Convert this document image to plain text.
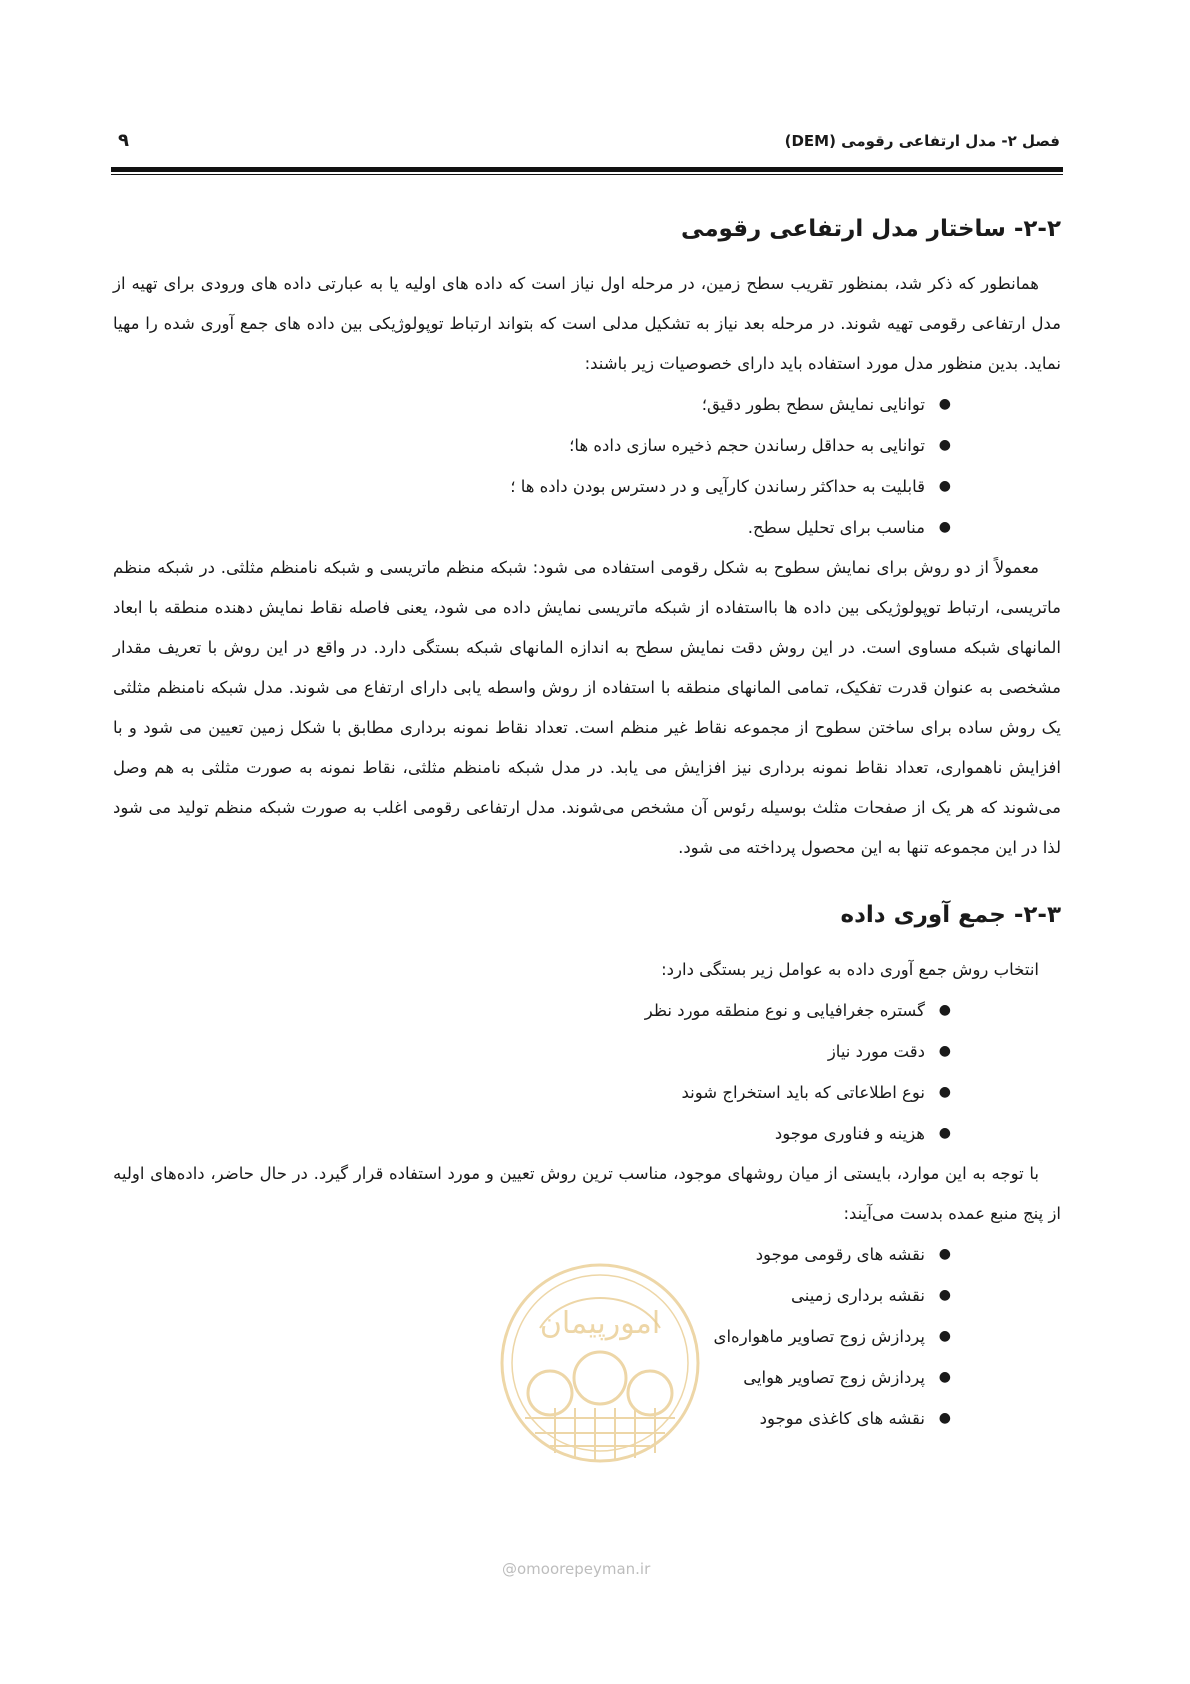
فصل ۲- مدل ارتفاعی رقومی (DEM)
۹
۲-۲- ساختار مدل ارتفاعی رقومی

همانطور که ذکر شد، بمنظور تقریب سطح زمین، در مرحله اول نیاز است که داده های اولیه یا به عبارتی داده های ورودی برای تهیه از مدل ارتفاعی رقومی تهیه شوند. در مرحله بعد نیاز به تشکیل مدلی است که بتواند ارتباط توپولوژیکی بین داده های جمع آوری شده را مهیا نماید. بدین منظور مدل مورد استفاده باید دارای خصوصیات زیر باشند:

●
توانایی نمایش سطح بطور دقیق؛
●
توانایی به حداقل رساندن حجم ذخیره سازی داده ها؛
●
قابلیت به حداکثر رساندن کارآیی و در دسترس بودن داده ها ؛
●
مناسب برای تحلیل سطح.

معمولاً از دو روش برای نمایش سطوح به شکل رقومی استفاده می شود: شبکه منظم ماتریسی و شبکه نامنظم مثلثی. در شبکه منظم ماتریسی، ارتباط توپولوژیکی بین داده ها بااستفاده از شبکه ماتریسی نمایش داده می شود، یعنی فاصله نقاط نمایش دهنده منطقه با ابعاد المانهای شبکه مساوی است. در این روش دقت نمایش سطح به اندازه المانهای شبکه بستگی دارد. در واقع در این روش با تعریف مقدار مشخصی به عنوان قدرت تفکیک، تمامی المانهای منطقه با استفاده از روش واسطه یابی دارای ارتفاع می شوند. مدل شبکه نامنظم مثلثی یک روش ساده برای ساختن سطوح از مجموعه نقاط غیر منظم است. تعداد نقاط نمونه برداری مطابق با شکل زمین تعیین می شود و با افزایش ناهمواری، تعداد نقاط نمونه برداری نیز افزایش می یابد. در مدل شبکه نامنظم مثلثی، نقاط نمونه به صورت مثلثی به هم وصل می‌شوند که هر یک از صفحات مثلث بوسیله رئوس آن مشخص می‌شوند. مدل ارتفاعی رقومی اغلب به صورت شبکه منظم تولید می شود لذا در این مجموعه تنها به این محصول پرداخته می شود.

۲-۳- جمع آوری داده

انتخاب روش جمع آوری داده به عوامل زیر بستگی دارد:

●
گستره جغرافیایی و نوع منطقه مورد نظر
●
دقت مورد نیاز
●
نوع اطلاعاتی که باید استخراج شوند
●
هزینه و فناوری موجود

با توجه به این موارد، بایستی از میان روشهای موجود، مناسب ترین روش تعیین و مورد استفاده قرار گیرد. در حال حاضر، داده‌های اولیه از پنج منبع عمده بدست می‌آیند:

●
نقشه های رقومی موجود
●
نقشه برداری زمینی
●
پردازش زوج تصاویر ماهواره‌ای
●
پردازش زوج تصاویر هوایی
●
نقشه های کاغذی موجود
امورپیمان
@omoorepeyman.ir
